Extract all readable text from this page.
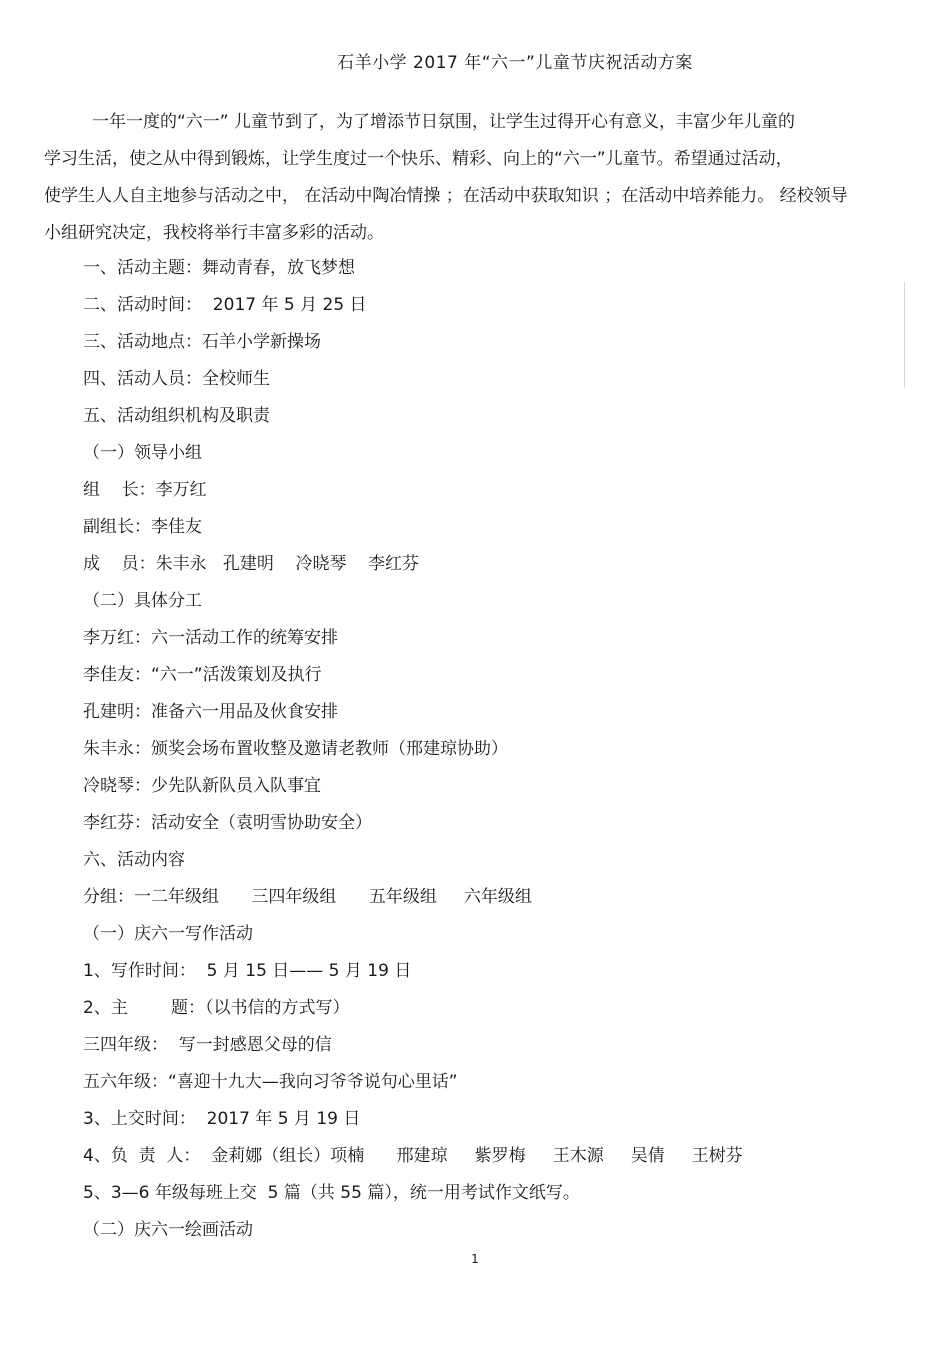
石羊小学 2017 年“六一”儿童节庆祝活动方案

一年一度的“六一” 儿童节到了，为了增添节日氛围，让学生过得开心有意义，丰富少年儿童的
学习生活，使之从中得到锻炼，让学生度过一个快乐、精彩、向上的“六一”儿童节。希望通过活动，
使学生人人自主地参与活动之中， 在活动中陶冶情操 ；在活动中获取知识 ；在活动中培养能力。 经校领导
小组研究决定，我校将举行丰富多彩的活动。

一、活动主题：舞动青春，放飞梦想
二、活动时间：  2017 年 5 月 25 日
三、活动地点：石羊小学新操场
四、活动人员：全校师生
五、活动组织机构及职责
（一）领导小组
组    长：李万红
副组长：李佳友
成    员：朱丰永   孔建明    冷晓琴    李红芬
（二）具体分工
李万红：六一活动工作的统筹安排
李佳友：“六一”活泼策划及执行
孔建明：准备六一用品及伙食安排
朱丰永：颁奖会场布置收整及邀请老教师（邢建琼协助）
冷晓琴：少先队新队员入队事宜
李红芬：活动安全（袁明雪协助安全）
六、活动内容
分组：一二年级组      三四年级组      五年级组     六年级组
（一）庆六一写作活动
1、写作时间：  5 月 15 日—— 5 月 19 日
2、主        题：（以书信的方式写）
三四年级：  写一封感恩父母的信
五六年级：“喜迎十九大—我向习爷爷说句心里话”
3、上交时间：  2017 年 5 月 19 日
4、负  责  人：  金莉娜（组长）项楠      邢建琼     紫罗梅     王木源     吴倩     王树芬
5、3—6 年级每班上交  5 篇（共 55 篇），统一用考试作文纸写。
（二）庆六一绘画活动
1
